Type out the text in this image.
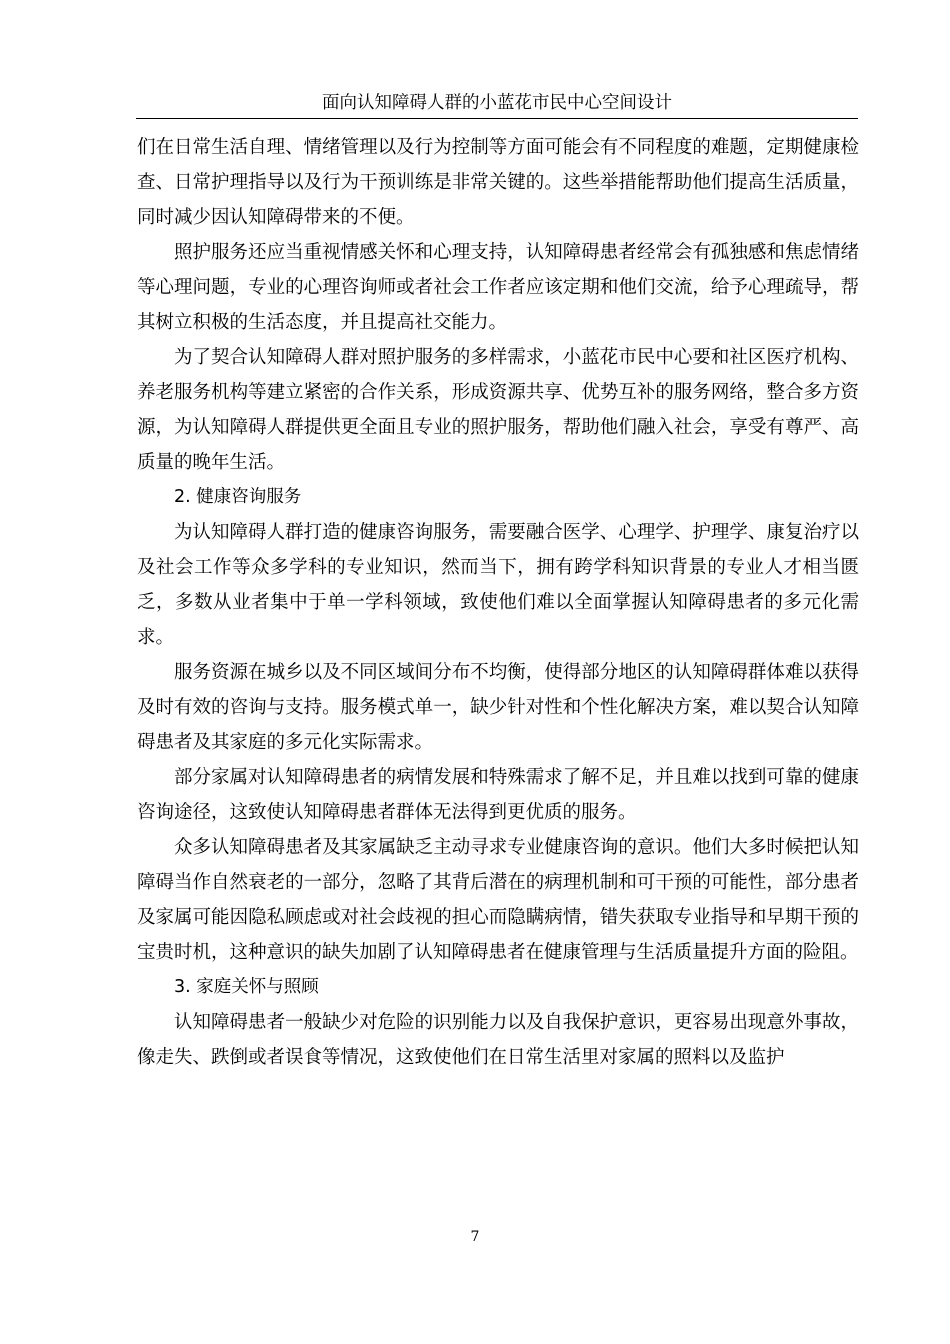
面向认知障碍人群的小蓝花市民中心空间设计

们在日常生活自理、情绪管理以及行为控制等方面可能会有不同程度的难题，定期健康检查、日常护理指导以及行为干预训练是非常关键的。这些举措能帮助他们提高生活质量，同时减少因认知障碍带来的不便。

照护服务还应当重视情感关怀和心理支持，认知障碍患者经常会有孤独感和焦虑情绪等心理问题，专业的心理咨询师或者社会工作者应该定期和他们交流，给予心理疏导，帮其树立积极的生活态度，并且提高社交能力。

为了契合认知障碍人群对照护服务的多样需求，小蓝花市民中心要和社区医疗机构、养老服务机构等建立紧密的合作关系，形成资源共享、优势互补的服务网络，整合多方资源，为认知障碍人群提供更全面且专业的照护服务，帮助他们融入社会，享受有尊严、高质量的晚年生活。

2. 健康咨询服务

为认知障碍人群打造的健康咨询服务，需要融合医学、心理学、护理学、康复治疗以及社会工作等众多学科的专业知识，然而当下，拥有跨学科知识背景的专业人才相当匮乏，多数从业者集中于单一学科领域，致使他们难以全面掌握认知障碍患者的多元化需求。

服务资源在城乡以及不同区域间分布不均衡，使得部分地区的认知障碍群体难以获得及时有效的咨询与支持。服务模式单一，缺少针对性和个性化解决方案，难以契合认知障碍患者及其家庭的多元化实际需求。

部分家属对认知障碍患者的病情发展和特殊需求了解不足，并且难以找到可靠的健康咨询途径，这致使认知障碍患者群体无法得到更优质的服务。

众多认知障碍患者及其家属缺乏主动寻求专业健康咨询的意识。他们大多时候把认知障碍当作自然衰老的一部分，忽略了其背后潜在的病理机制和可干预的可能性，部分患者及家属可能因隐私顾虑或对社会歧视的担心而隐瞒病情，错失获取专业指导和早期干预的宝贵时机，这种意识的缺失加剧了认知障碍患者在健康管理与生活质量提升方面的险阻。

3. 家庭关怀与照顾

认知障碍患者一般缺少对危险的识别能力以及自我保护意识，更容易出现意外事故，像走失、跌倒或者误食等情况，这致使他们在日常生活里对家属的照料以及监护

7
